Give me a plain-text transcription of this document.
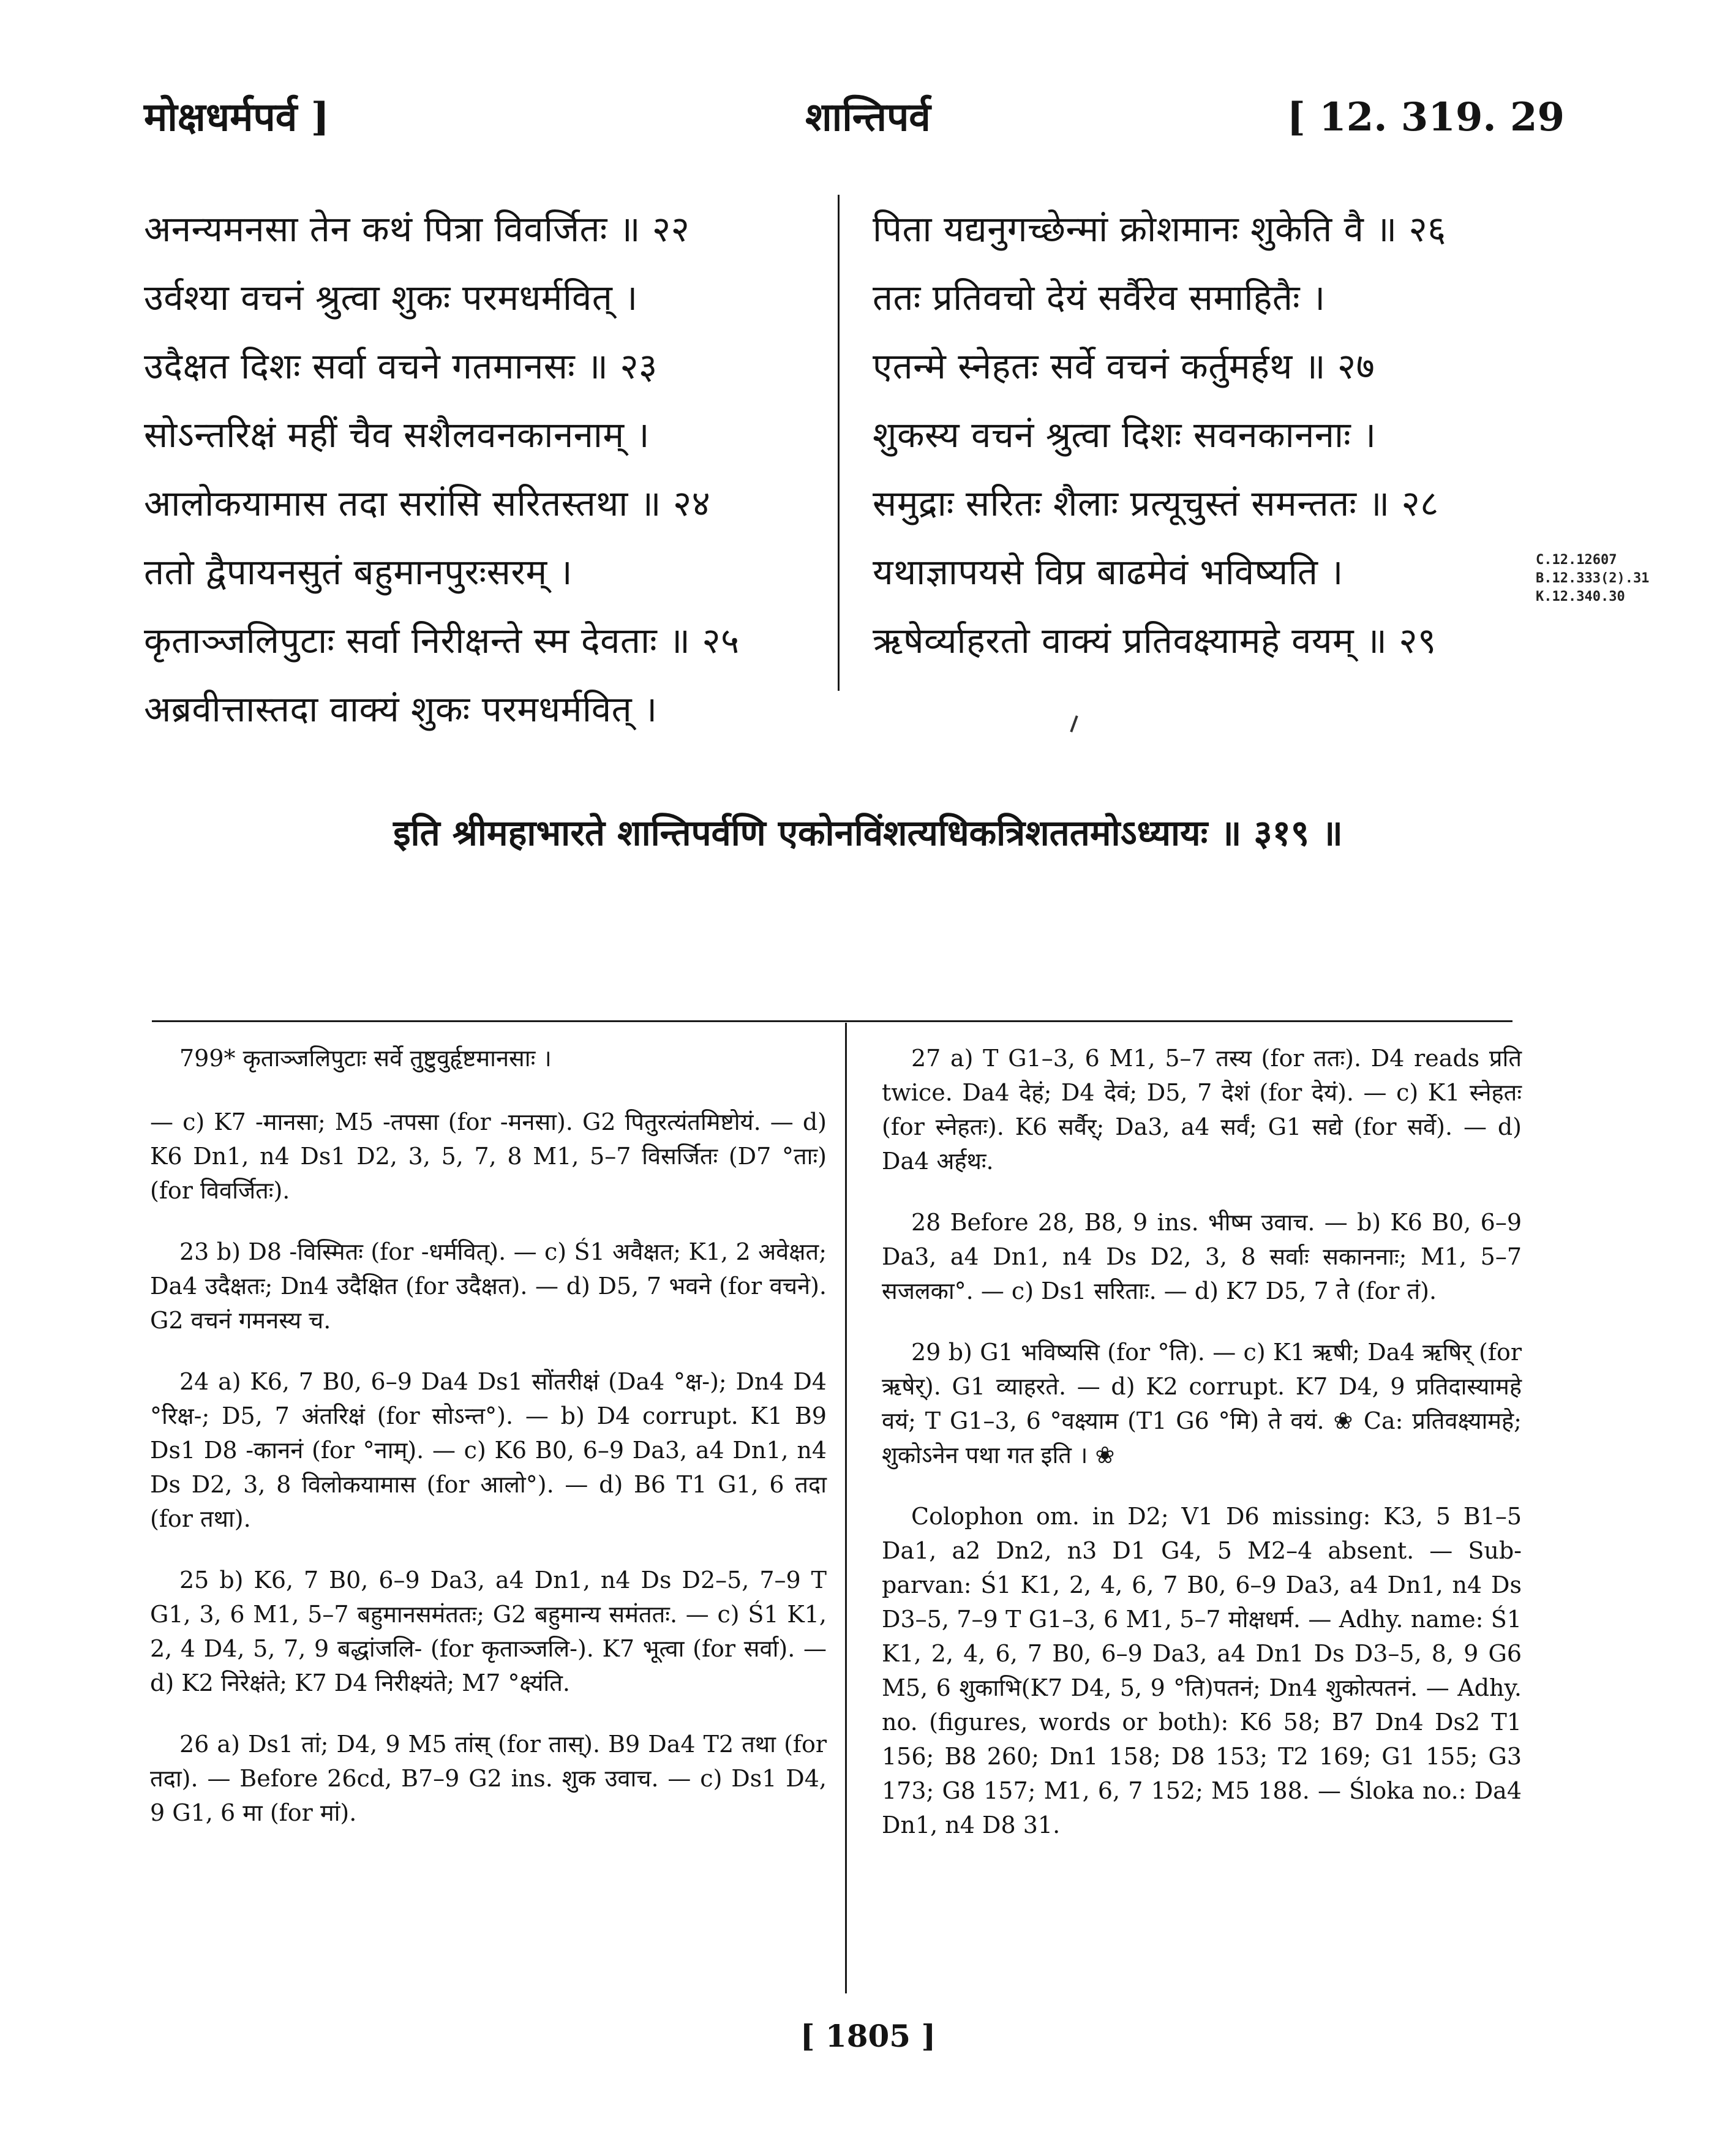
मोक्षधर्मपर्व ]	शान्तिपर्व	[ 12. 319. 29
अनन्यमनसा तेन कथं पित्रा विवर्जितः ॥ २२
उर्वश्या वचनं श्रुत्वा शुकः परमधर्मवित् ।
उदैक्षत दिशः सर्वा वचने गतमानसः ॥ २३
सोऽन्तरिक्षं महीं चैव सशैलवनकाननाम् ।
आलोकयामास तदा सरांसि सरितस्तथा ॥ २४
ततो द्वैपायनसुतं बहुमानपुरःसरम् ।
कृताञ्जलिपुटाः सर्वा निरीक्षन्ते स्म देवताः ॥ २५
अब्रवीत्तास्तदा वाक्यं शुकः परमधर्मवित् ।
पिता यद्यनुगच्छेन्मां क्रोशमानः शुकेति वै ॥ २६
ततः प्रतिवचो देयं सर्वैरेव समाहितैः ।
एतन्मे स्नेहतः सर्वे वचनं कर्तुमर्हथ ॥ २७
शुकस्य वचनं श्रुत्वा दिशः सवनकाननाः ।
समुद्राः सरितः शैलाः प्रत्यूचुस्तं समन्ततः ॥ २८
यथाज्ञापयसे विप्र बाढमेवं भविष्यति ।
ऋषेर्व्याहरतो वाक्यं प्रतिवक्ष्यामहे वयम् ॥ २९
C.12.12607
B.12.333(2).31
K.12.340.30
इति श्रीमहाभारते शान्तिपर्वणि एकोनविंशत्यधिकत्रिशततमोऽध्यायः ॥ ३१९ ॥

799* कृताञ्जलिपुटाः सर्वे तुष्टुवुर्हृष्टमानसाः ।

— c) K7 -मानसा; M5 -तपसा (for -मनसा). G2 पितुरत्यंतमिष्टोयं. — d) K6 Dn1, n4 Ds1 D2, 3, 5, 7, 8 M1, 5–7 विसर्जितः (D7 °ताः) (for विवर्जितः).

23 b) D8 -विस्मितः (for -धर्मवित्). — c) Ś1 अवैक्षत; K1, 2 अवेक्षत; Da4 उदैक्षतः; Dn4 उदैक्षित (for उदैक्षत). — d) D5, 7 भवने (for वचने). G2 वचनं गमनस्य च.

24 a) K6, 7 B0, 6–9 Da4 Ds1 सोंतरीक्षं (Da4 °क्ष-); Dn4 D4 °रिक्ष-; D5, 7 अंतरिक्षं (for सोऽन्त°). — b) D4 corrupt. K1 B9 Ds1 D8 -काननं (for °नाम्). — c) K6 B0, 6–9 Da3, a4 Dn1, n4 Ds D2, 3, 8 विलोकयामास (for आलो°). — d) B6 T1 G1, 6 तदा (for तथा).

25 b) K6, 7 B0, 6–9 Da3, a4 Dn1, n4 Ds D2–5, 7–9 T G1, 3, 6 M1, 5–7 बहुमानसमंततः; G2 बहुमान्य समंततः. — c) Ś1 K1, 2, 4 D4, 5, 7, 9 बद्धांजलि- (for कृताञ्जलि-). K7 भूत्वा (for सर्वा). — d) K2 निरेक्षंते; K7 D4 निरीक्ष्यंते; M7 °क्ष्यंति.

26 a) Ds1 तां; D4, 9 M5 तांस् (for तास्). B9 Da4 T2 तथा (for तदा). — Before 26cd, B7–9 G2 ins. शुक उवाच. — c) Ds1 D4, 9 G1, 6 मा (for मां).

27 a) T G1–3, 6 M1, 5–7 तस्य (for ततः). D4 reads प्रति twice. Da4 देहं; D4 देवं; D5, 7 देशं (for देयं). — c) K1 स्नेहतः (for स्नेहतः). K6 सर्वैर्; Da3, a4 सर्वं; G1 सद्ये (for सर्वे). — d) Da4 अर्हथः.

28 Before 28, B8, 9 ins. भीष्म उवाच. — b) K6 B0, 6–9 Da3, a4 Dn1, n4 Ds D2, 3, 8 सर्वाः सकाननाः; M1, 5–7 सजलका°. — c) Ds1 सरिताः. — d) K7 D5, 7 ते (for तं).

29 b) G1 भविष्यसि (for °ति). — c) K1 ऋषी; Da4 ऋषिर् (for ऋषेर्). G1 व्याहरते. — d) K2 corrupt. K7 D4, 9 प्रतिदास्यामहे वयं; T G1–3, 6 °वक्ष्याम (T1 G6 °मि) ते वयं. ❀ Ca: प्रतिवक्ष्यामहे; शुकोऽनेन पथा गत इति । ❀

Colophon om. in D2; V1 D6 missing: K3, 5 B1–5 Da1, a2 Dn2, n3 D1 G4, 5 M2–4 absent. — Sub-parvan: Ś1 K1, 2, 4, 6, 7 B0, 6–9 Da3, a4 Dn1, n4 Ds D3–5, 7–9 T G1–3, 6 M1, 5–7 मोक्षधर्म. — Adhy. name: Ś1 K1, 2, 4, 6, 7 B0, 6–9 Da3, a4 Dn1 Ds D3–5, 8, 9 G6 M5, 6 शुकाभि(K7 D4, 5, 9 °ति)पतनं; Dn4 शुकोत्पतनं. — Adhy. no. (figures, words or both): K6 58; B7 Dn4 Ds2 T1 156; B8 260; Dn1 158; D8 153; T2 169; G1 155; G3 173; G8 157; M1, 6, 7 152; M5 188. — Śloka no.: Da4 Dn1, n4 D8 31.

[ 1805 ]
